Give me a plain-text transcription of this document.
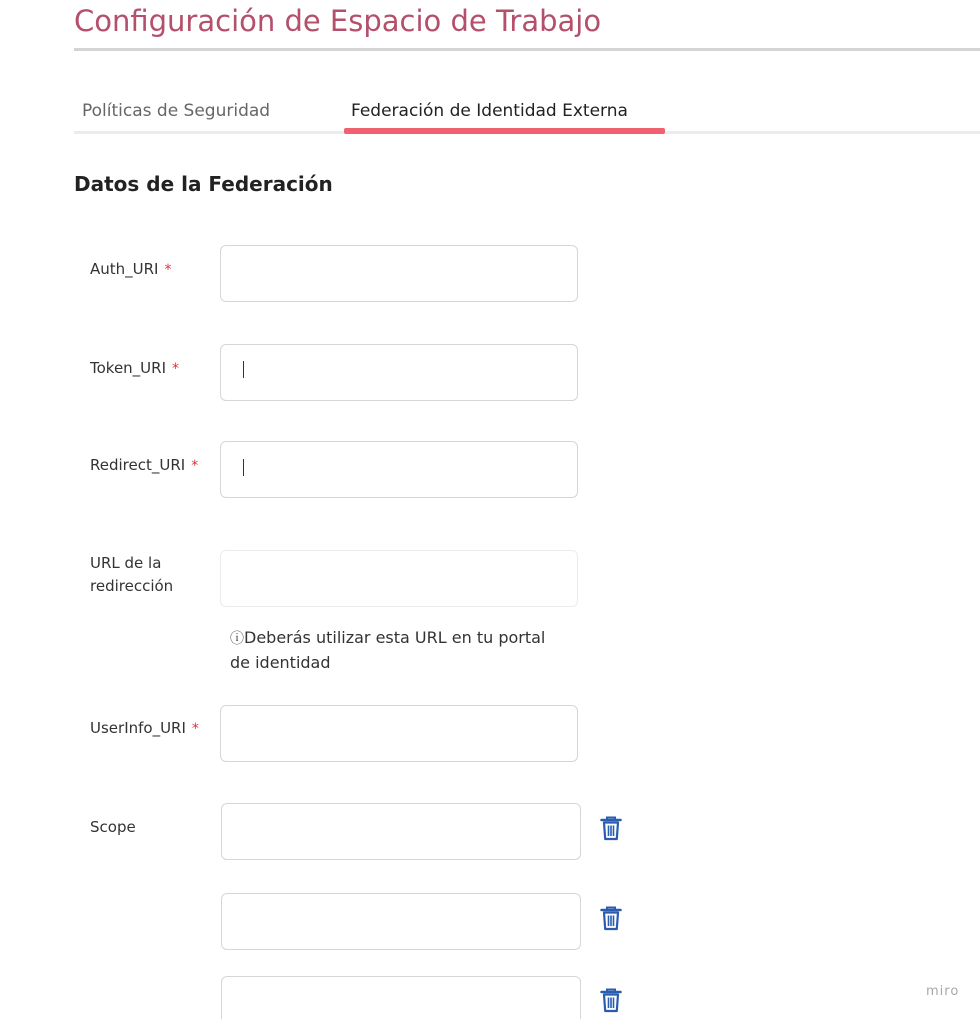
Configuración de Espacio de Trabajo
Políticas de Seguridad	Federación de Identidad Externa
Datos de la Federación
Auth_URI *
Token_URI *
Redirect_URI *
URL de la
redirección
ⓘDeberás utilizar esta URL en tu portal de identidad
UserInfo_URI *
Scope
miro
